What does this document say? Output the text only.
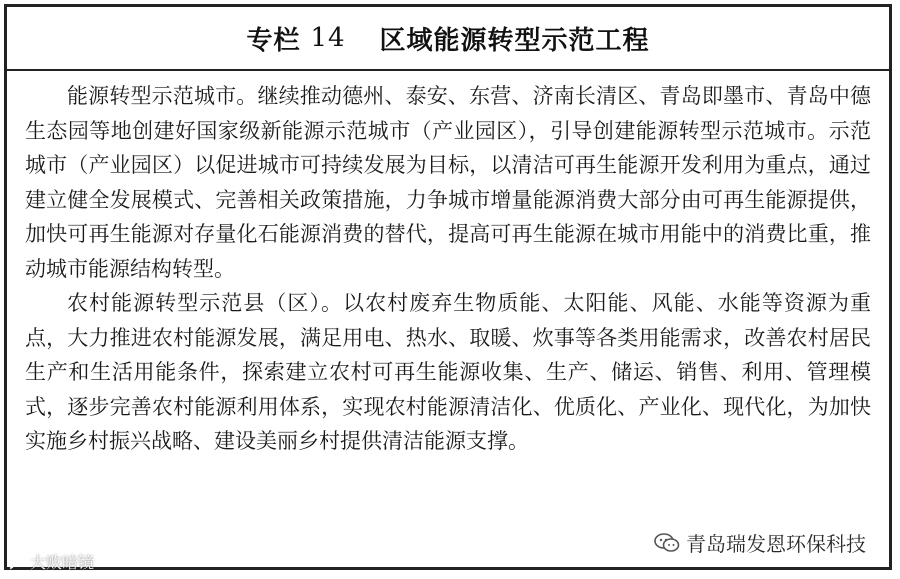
专栏 14 区域能源转型示范工程

能源转型示范城市。继续推动德州、泰安、东营、济南长清区、青岛即墨市、青岛中德生态园等地创建好国家级新能源示范城市（产业园区），引导创建能源转型示范城市。示范城市（产业园区）以促进城市可持续发展为目标，以清洁可再生能源开发利用为重点，通过建立健全发展模式、完善相关政策措施，力争城市增量能源消费大部分由可再生能源提供，加快可再生能源对存量化石能源消费的替代，提高可再生能源在城市用能中的消费比重，推动城市能源结构转型。

农村能源转型示范县（区）。以农村废弃生物质能、太阳能、风能、水能等资源为重点，大力推进农村能源发展，满足用电、热水、取暖、炊事等各类用能需求，改善农村居民生产和生活用能条件，探索建立农村可再生能源收集、生产、储运、销售、利用、管理模式，逐步完善农村能源利用体系，实现农村能源清洁化、优质化、产业化、现代化，为加快实施乡村振兴战略、建设美丽乡村提供清洁能源支撑。

青岛瑞发恩环保科技
大败暗镜
